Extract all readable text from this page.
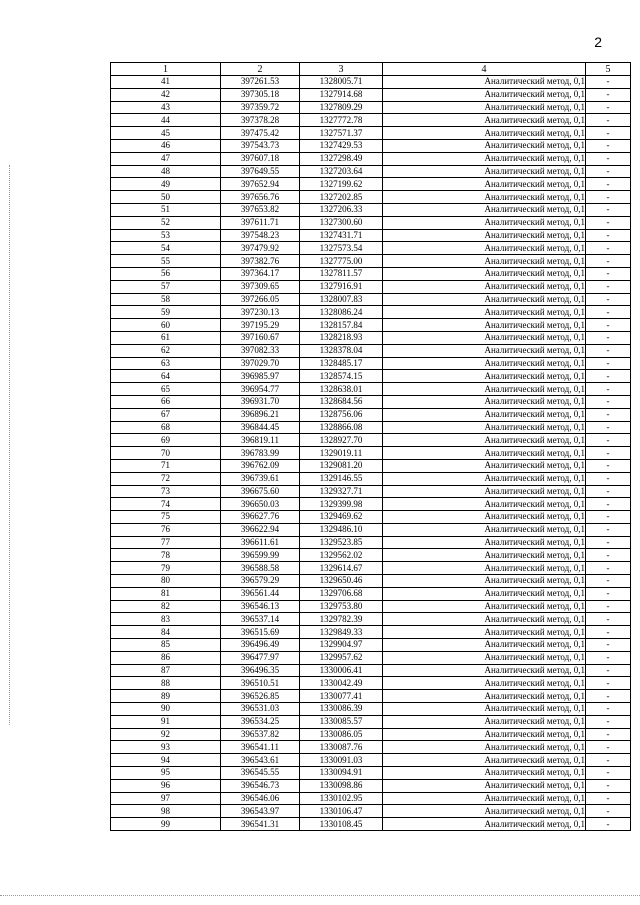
2
1	2	3	4	5
41	397261.53	1328005.71	Аналитический метод, 0,1	-
42	397305.18	1327914.68	Аналитический метод, 0,1	-
43	397359.72	1327809.29	Аналитический метод, 0,1	-
44	397378.28	1327772.78	Аналитический метод, 0,1	-
45	397475.42	1327571.37	Аналитический метод, 0,1	-
46	397543.73	1327429.53	Аналитический метод, 0,1	-
47	397607.18	1327298.49	Аналитический метод, 0,1	-
48	397649.55	1327203.64	Аналитический метод, 0,1	-
49	397652.94	1327199.62	Аналитический метод, 0,1	-
50	397656.76	1327202.85	Аналитический метод, 0,1	-
51	397653.82	1327206.33	Аналитический метод, 0,1	-
52	397611.71	1327300.60	Аналитический метод, 0,1	-
53	397548.23	1327431.71	Аналитический метод, 0,1	-
54	397479.92	1327573.54	Аналитический метод, 0,1	-
55	397382.76	1327775.00	Аналитический метод, 0,1	-
56	397364.17	1327811.57	Аналитический метод, 0,1	-
57	397309.65	1327916.91	Аналитический метод, 0,1	-
58	397266.05	1328007.83	Аналитический метод, 0,1	-
59	397230.13	1328086.24	Аналитический метод, 0,1	-
60	397195.29	1328157.84	Аналитический метод, 0,1	-
61	397160.67	1328218.93	Аналитический метод, 0,1	-
62	397082.33	1328378.04	Аналитический метод, 0,1	-
63	397029.70	1328485.17	Аналитический метод, 0,1	-
64	396985.97	1328574.15	Аналитический метод, 0,1	-
65	396954.77	1328638.01	Аналитический метод, 0,1	-
66	396931.70	1328684.56	Аналитический метод, 0,1	-
67	396896.21	1328756.06	Аналитический метод, 0,1	-
68	396844.45	1328866.08	Аналитический метод, 0,1	-
69	396819.11	1328927.70	Аналитический метод, 0,1	-
70	396783.99	1329019.11	Аналитический метод, 0,1	-
71	396762.09	1329081.20	Аналитический метод, 0,1	-
72	396739.61	1329146.55	Аналитический метод, 0,1	-
73	396675.60	1329327.71	Аналитический метод, 0,1	-
74	396650.03	1329399.98	Аналитический метод, 0,1	-
75	396627.76	1329469.62	Аналитический метод, 0,1	-
76	396622.94	1329486.10	Аналитический метод, 0,1	-
77	396611.61	1329523.85	Аналитический метод, 0,1	-
78	396599.99	1329562.02	Аналитический метод, 0,1	-
79	396588.58	1329614.67	Аналитический метод, 0,1	-
80	396579.29	1329650.46	Аналитический метод, 0,1	-
81	396561.44	1329706.68	Аналитический метод, 0,1	-
82	396546.13	1329753.80	Аналитический метод, 0,1	-
83	396537.14	1329782.39	Аналитический метод, 0,1	-
84	396515.69	1329849.33	Аналитический метод, 0,1	-
85	396496.49	1329904.97	Аналитический метод, 0,1	-
86	396477.97	1329957.62	Аналитический метод, 0,1	-
87	396496.35	1330006.41	Аналитический метод, 0,1	-
88	396510.51	1330042.49	Аналитический метод, 0,1	-
89	396526.85	1330077.41	Аналитический метод, 0,1	-
90	396531.03	1330086.39	Аналитический метод, 0,1	-
91	396534.25	1330085.57	Аналитический метод, 0,1	-
92	396537.82	1330086.05	Аналитический метод, 0,1	-
93	396541.11	1330087.76	Аналитический метод, 0,1	-
94	396543.61	1330091.03	Аналитический метод, 0,1	-
95	396545.55	1330094.91	Аналитический метод, 0,1	-
96	396546.73	1330098.86	Аналитический метод, 0,1	-
97	396546.06	1330102.95	Аналитический метод, 0,1	-
98	396543.97	1330106.47	Аналитический метод, 0,1	-
99	396541.31	1330108.45	Аналитический метод, 0,1	-
